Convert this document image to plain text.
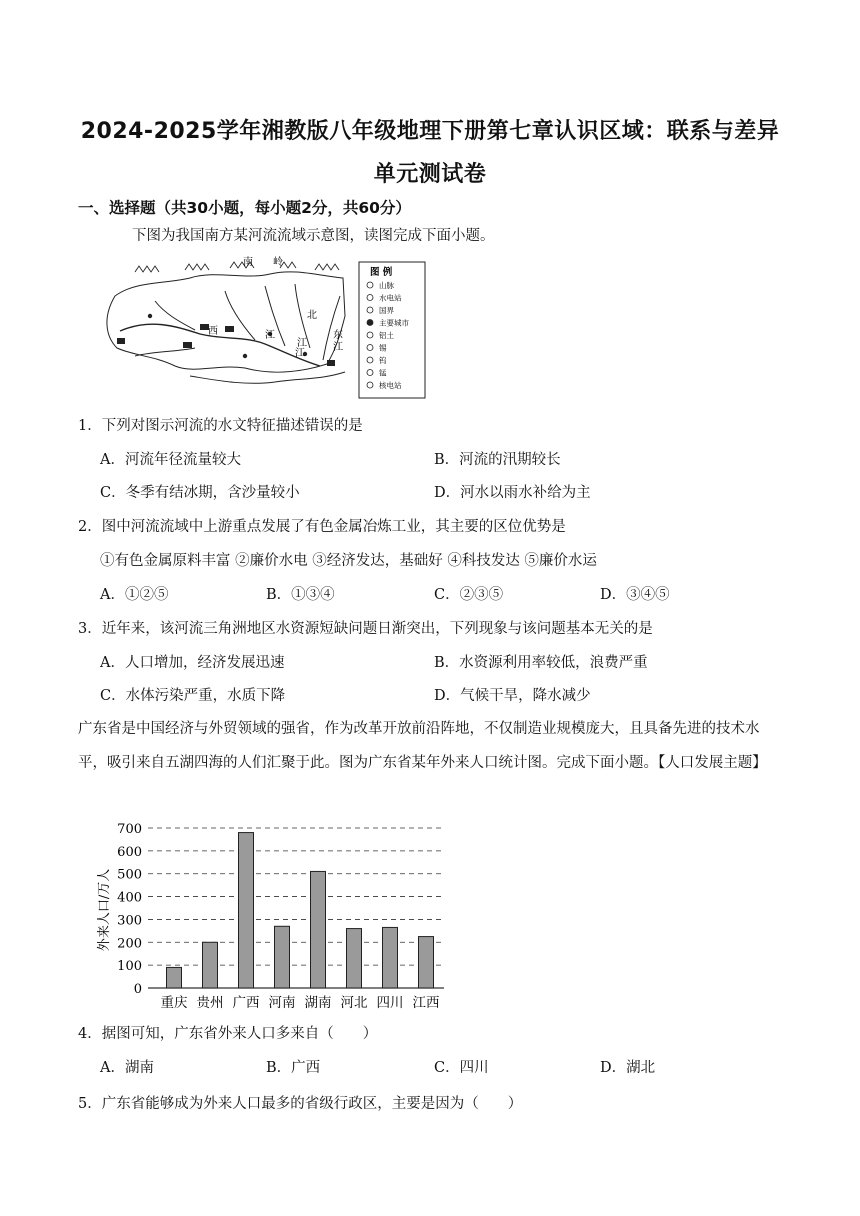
2024-2025学年湘教版八年级地理下册第七章认识区域：联系与差异
单元测试卷
一、选择题（共30小题，每小题2分，共60分）
下图为我国南方某河流流域示意图，读图完成下面小题。
南 岭
西	江
北
江
东
江
江
图 例
山脉
水电站
国界
主要城市
铝土
锡
钨
锰
核电站
1．下列对图示河流的水文特征描述错误的是
A．河流年径流量较大	B．河流的汛期较长
C．冬季有结冰期，含沙量较小	D．河水以雨水补给为主
2．图中河流流域中上游重点发展了有色金属冶炼工业，其主要的区位优势是
①有色金属原料丰富 ②廉价水电 ③经济发达，基础好 ④科技发达 ⑤廉价水运
A．①②⑤	B．①③④	C．②③⑤	D．③④⑤
3．近年来，该河流三角洲地区水资源短缺问题日渐突出，下列现象与该问题基本无关的是
A．人口增加，经济发展迅速	B．水资源利用率较低，浪费严重
C．水体污染严重，水质下降	D．气候干旱，降水减少
广东省是中国经济与外贸领域的强省，作为改革开放前沿阵地，不仅制造业规模庞大，且具备先进的技术水平，吸引来自五湖四海的人们汇聚于此。图为广东省某年外来人口统计图。完成下面小题。【人口发展主题】
外来人口/万人
0
100
200
300
400
500
600
700
重庆 贵州 广西 河南 湖南 河北 四川 江西
4．据图可知，广东省外来人口多来自（　　）
A．湖南	B．广西	C．四川	D．湖北
5．广东省能够成为外来人口最多的省级行政区，主要是因为（　　）
